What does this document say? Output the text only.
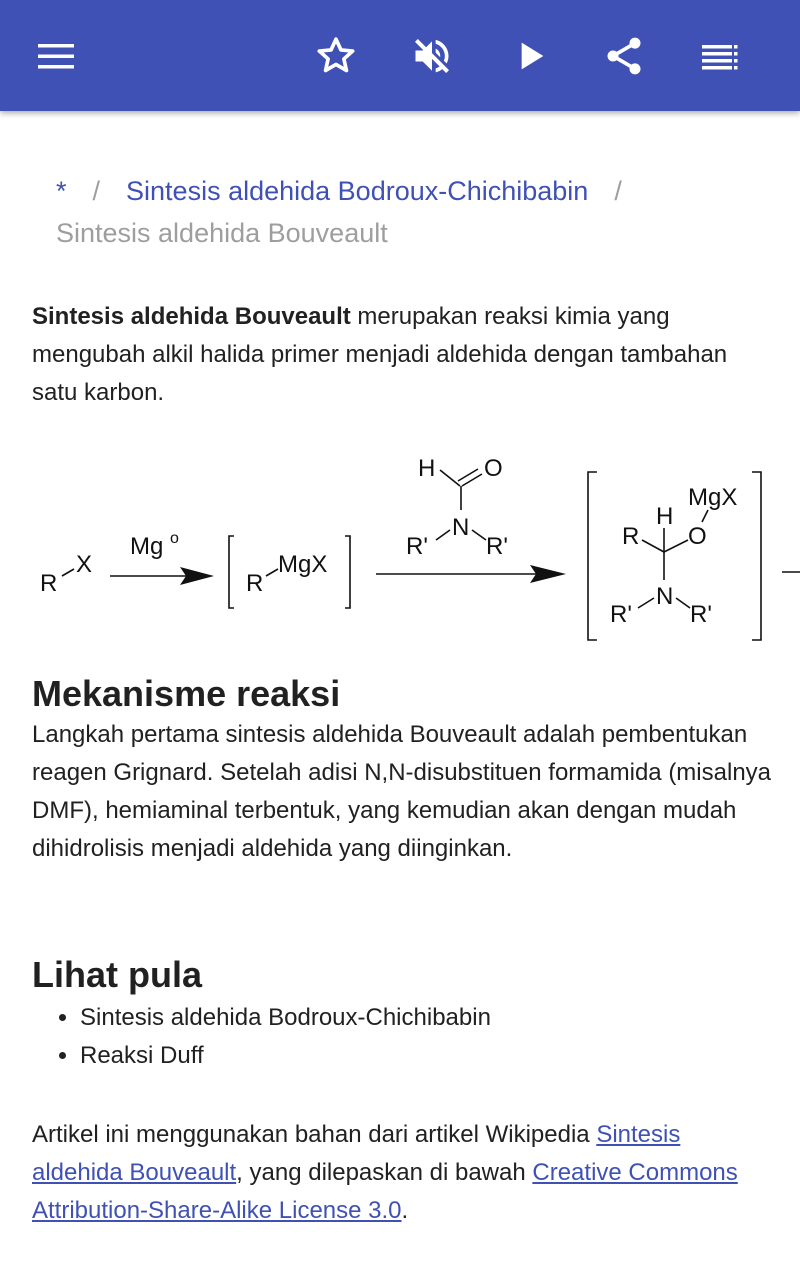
* / Sintesis aldehida Bodroux-Chichibabin /
Sintesis aldehida Bouveault

Sintesis aldehida Bouveault merupakan reaksi kimia yang mengubah alkil halida primer menjadi aldehida dengan tambahan satu karbon.

R
X
Mg o
R
MgX
H O
N
R' R'
MgX
H
R O
N
R' R'
Mekanisme reaksi

Langkah pertama sintesis aldehida Bouveault adalah pembentukan reagen Grignard. Setelah adisi N,N-disubstituen formamida (misalnya DMF), hemiaminal terbentuk, yang kemudian akan dengan mudah dihidrolisis menjadi aldehida yang diinginkan.

Lihat pula
• Sintesis aldehida Bodroux-Chichibabin
• Reaksi Duff

Artikel ini menggunakan bahan dari artikel Wikipedia Sintesis aldehida Bouveault, yang dilepaskan di bawah Creative Commons Attribution-Share-Alike License 3.0.
